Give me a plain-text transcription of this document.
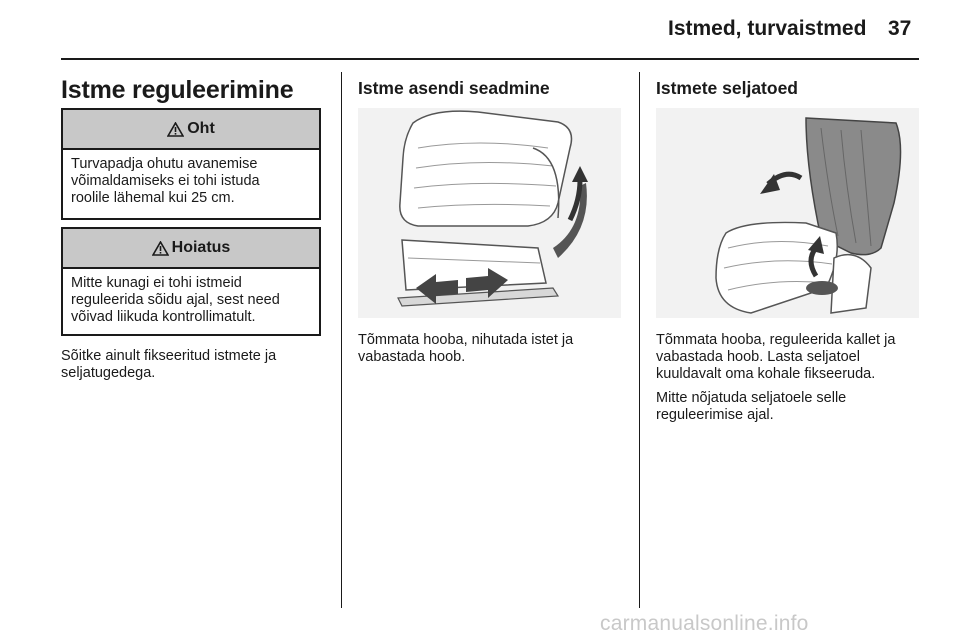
Istmed, turvaistmed 37
Istme reguleerimine
Oht
Turvapadja ohutu avanemise
võimaldamiseks ei tohi istuda
roolile lähemal kui 25 cm.
Hoiatus
Mitte kunagi ei tohi istmeid
reguleerida sõidu ajal, sest need
võivad liikuda kontrollimatult.
Sõitke ainult fikseeritud istmete ja
seljatugedega.
Istme asendi seadmine
Tõmmata hooba, nihutada istet ja
vabastada hoob.
Istmete seljatoed
Tõmmata hooba, reguleerida kallet ja
vabastada hoob. Lasta seljatoel
kuuldavalt oma kohale fikseeruda.
Mitte nõjatuda seljatoele selle
reguleerimise ajal.
carmanualsonline.info
